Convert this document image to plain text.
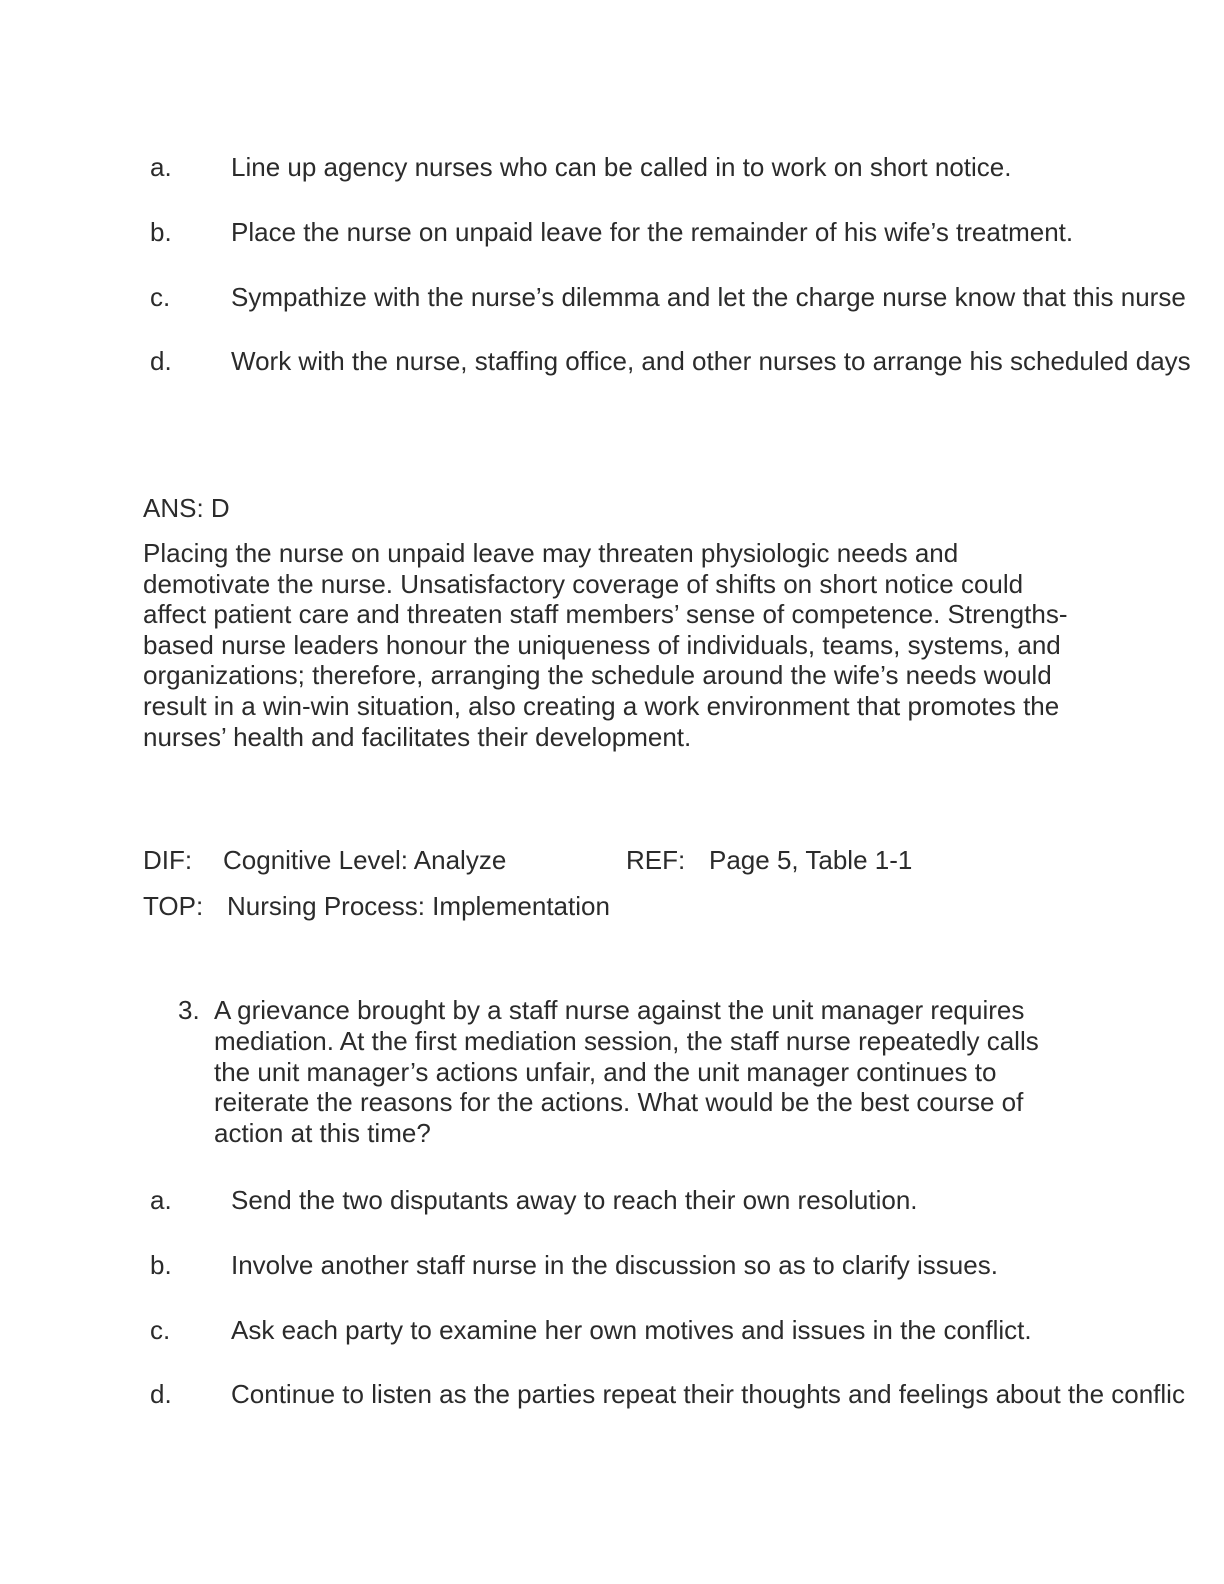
a. Line up agency nurses who can be called in to work on short notice.
b. Place the nurse on unpaid leave for the remainder of his wife’s treatment.
c. Sympathize with the nurse’s dilemma and let the charge nurse know that this nurse
d. Work with the nurse, staffing office, and other nurses to arrange his scheduled days
ANS: D
Placing the nurse on unpaid leave may threaten physiologic needs and demotivate the nurse. Unsatisfactory coverage of shifts on short notice could affect patient care and threaten staff members’ sense of competence. Strengths-based nurse leaders honour the uniqueness of individuals, teams, systems, and organizations; therefore, arranging the schedule around the wife’s needs would result in a win-win situation, also creating a work environment that promotes the nurses’ health and facilitates their development.
DIF: Cognitive Level: Analyze	REF: Page 5, Table 1-1
TOP: Nursing Process: Implementation
3. A grievance brought by a staff nurse against the unit manager requires mediation. At the first mediation session, the staff nurse repeatedly calls the unit manager’s actions unfair, and the unit manager continues to reiterate the reasons for the actions. What would be the best course of action at this time?
a. Send the two disputants away to reach their own resolution.
b. Involve another staff nurse in the discussion so as to clarify issues.
c. Ask each party to examine her own motives and issues in the conflict.
d. Continue to listen as the parties repeat their thoughts and feelings about the conflic
